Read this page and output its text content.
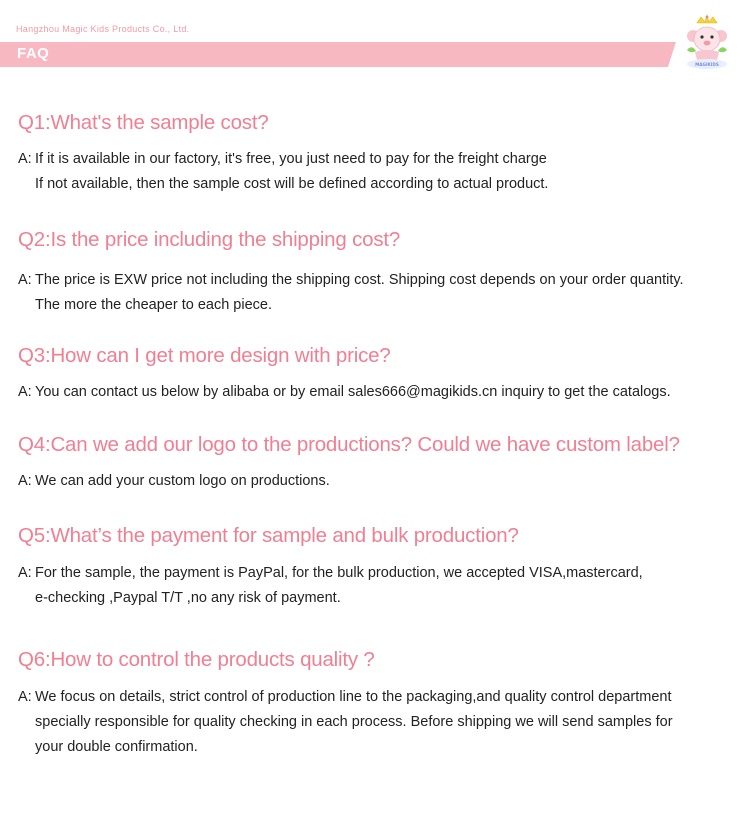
Hangzhou Magic Kids Products Co., Ltd.
FAQ
MAGIKIDS
Q1:What's the sample cost?
A: If it is available in our factory, it's free, you just need to pay for the freight charge
If not available, then the sample cost will be defined according to actual product.
Q2:Is the price including the shipping cost?
A: The price is EXW price not including the shipping cost. Shipping cost depends on your order quantity.
The more the cheaper to each piece.
Q3:How can I get more design with price?
A: You can contact us below by alibaba or by email sales666@magikids.cn inquiry to get the catalogs.
Q4:Can we add our logo to the productions? Could we have custom label?
A: We can add your custom logo on productions.
Q5:What’s the payment for sample and bulk production?
A: For the sample, the payment is PayPal, for the bulk production, we accepted VISA,mastercard,
e-checking ,Paypal T/T ,no any risk of payment.
Q6:How to control the products quality ?
A: We focus on details, strict control of production line to the packaging,and quality control department
specially responsible for quality checking in each process. Before shipping we will send samples for
your double confirmation.
